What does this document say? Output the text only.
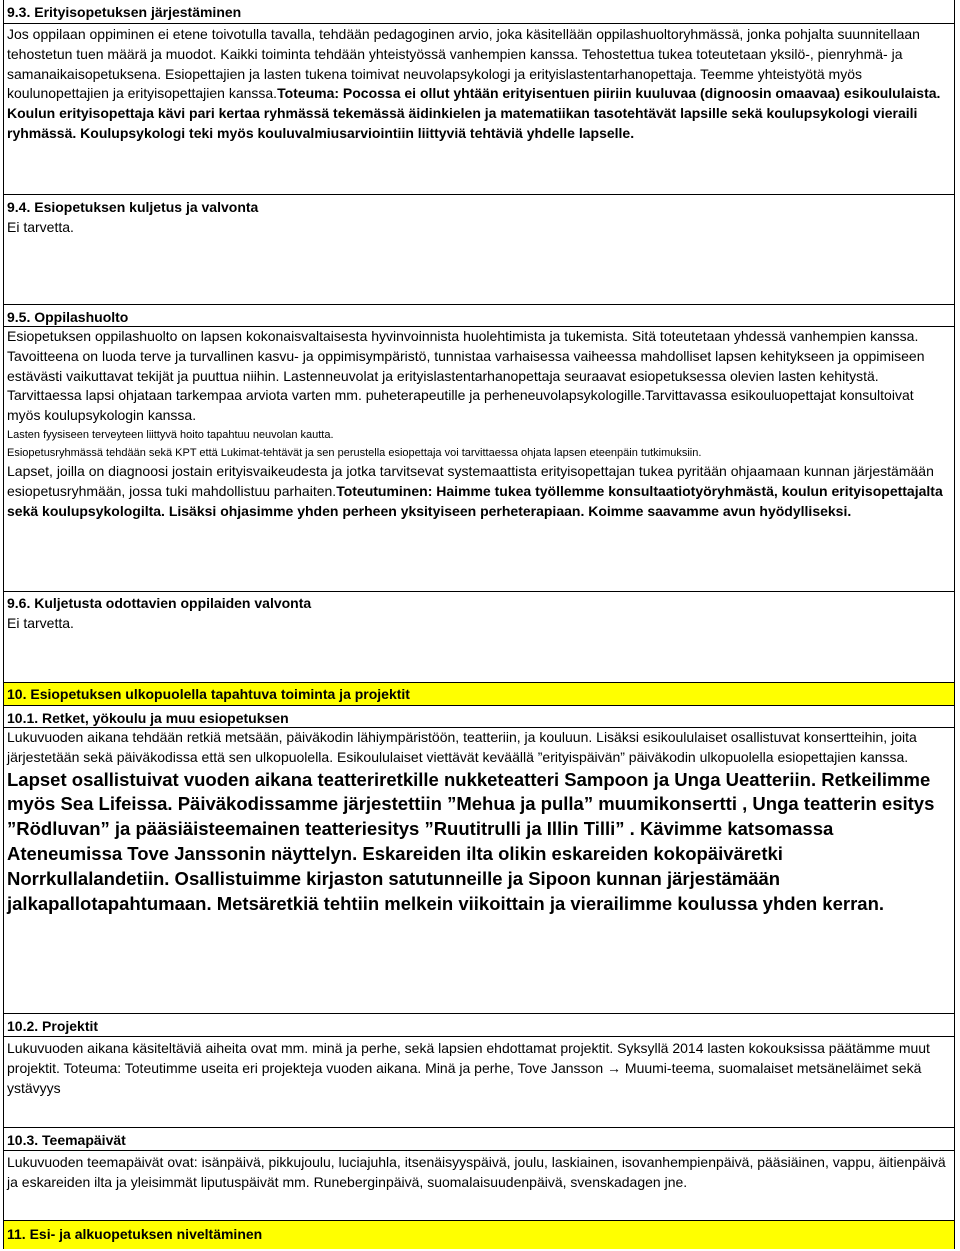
9.3. Erityisopetuksen järjestäminen

Jos oppilaan oppiminen ei etene toivotulla tavalla, tehdään pedagoginen arvio, joka käsitellään oppilashuoltoryhmässä, jonka pohjalta suunnitellaan tehostetun tuen määrä ja muodot. Kaikki toiminta tehdään yhteistyössä vanhempien kanssa. Tehostettua tukea toteutetaan yksilö-, pienryhmä- ja samanaikaisopetuksena. Esiopettajien ja lasten tukena toimivat neuvolapsykologi ja erityislastentarhanopettaja. Teemme yhteistyötä myös koulunopettajien ja erityisopettajien kanssa.Toteuma: Pocossa ei ollut yhtään erityisentuen piiriin kuuluvaa (dignoosin omaavaa) esikoululaista. Koulun erityisopettaja kävi pari kertaa ryhmässä tekemässä äidinkielen ja matematiikan tasotehtävät lapsille sekä koulupsykologi vieraili ryhmässä. Koulupsykologi teki myös kouluvalmiusarviointiin liittyviä tehtäviä yhdelle lapselle.

9.4. Esiopetuksen kuljetus ja valvonta

Ei tarvetta.

9.5. Oppilashuolto

Esiopetuksen oppilashuolto on lapsen kokonaisvaltaisesta hyvinvoinnista huolehtimista ja tukemista. Sitä toteutetaan yhdessä vanhempien kanssa. Tavoitteena on luoda terve ja turvallinen kasvu- ja oppimisympäristö, tunnistaa varhaisessa vaiheessa mahdolliset lapsen kehitykseen ja oppimiseen estävästi vaikuttavat tekijät ja puuttua niihin. Lastenneuvolat ja erityislastentarhanopettaja seuraavat esiopetuksessa olevien lasten kehitystä. Tarvittaessa lapsi ohjataan tarkempaa arviota varten mm. puheterapeutille ja perheneuvolapsykologille.Tarvittavassa esikouluopettajat konsultoivat myös koulupsykologin kanssa.

Lasten fyysiseen terveyteen liittyvä hoito tapahtuu neuvolan kautta.

Esiopetusryhmässä tehdään sekä KPT että Lukimat-tehtävät ja sen perustella esiopettaja voi tarvittaessa ohjata lapsen eteenpäin tutkimuksiin.

Lapset, joilla on diagnoosi jostain erityisvaikeudesta ja jotka tarvitsevat systemaattista erityisopettajan tukea pyritään ohjaamaan kunnan järjestämään esiopetusryhmään, jossa tuki mahdollistuu parhaiten.Toteutuminen: Haimme tukea työllemme konsultaatiotyöryhmästä, koulun erityisopettajalta sekä koulupsykologilta. Lisäksi ohjasimme yhden perheen yksityiseen perheterapiaan. Koimme saavamme avun hyödylliseksi.

9.6. Kuljetusta odottavien oppilaiden valvonta

Ei tarvetta.

10. Esiopetuksen ulkopuolella tapahtuva toiminta ja projektit
10.1. Retket, yökoulu ja muu esiopetuksen

Lukuvuoden aikana tehdään retkiä metsään, päiväkodin lähiympäristöön, teatteriin, ja kouluun. Lisäksi esikoululaiset osallistuvat konsertteihin, joita järjestetään sekä päiväkodissa että sen ulkopuolella. Esikoululaiset viettävät keväällä ”erityispäivän” päiväkodin ulkopuolella esiopettajien kanssa. Lapset osallistuivat vuoden aikana teatteriretkille nukketeatteri Sampoon ja Unga Ueatteriin. Retkeilimme myös Sea Lifeissa. Päiväkodissamme järjestettiin ”Mehua ja pulla” muumikonsertti , Unga teatterin esitys ”Rödluvan” ja pääsiäisteemainen teatteriesitys ”Ruutitrulli ja Illin Tilli” . Kävimme katsomassa Ateneumissa Tove Janssonin näyttelyn. Eskareiden ilta olikin eskareiden kokopäiväretki Norrkullalandetiin. Osallistuimme kirjaston satutunneille ja Sipoon kunnan järjestämään jalkapallotapahtumaan. Metsäretkiä tehtiin melkein viikoittain ja vierailimme koulussa yhden kerran.

10.2. Projektit

Lukuvuoden aikana käsiteltäviä aiheita ovat mm. minä ja perhe, sekä lapsien ehdottamat projektit. Syksyllä 2014 lasten kokouksissa päätämme muut projektit. Toteuma: Toteutimme useita eri projekteja vuoden aikana. Minä ja perhe, Tove Jansson → Muumi-teema, suomalaiset metsäneläimet sekä ystävyys

10.3. Teemapäivät

Lukuvuoden teemapäivät ovat: isänpäivä, pikkujoulu, luciajuhla, itsenäisyyspäivä, joulu, laskiainen, isovanhempienpäivä, pääsiäinen, vappu, äitienpäivä ja eskareiden ilta ja yleisimmät liputuspäivät mm. Runeberginpäivä, suomalaisuudenpäivä, svenskadagen jne.

11. Esi- ja alkuopetuksen niveltäminen
